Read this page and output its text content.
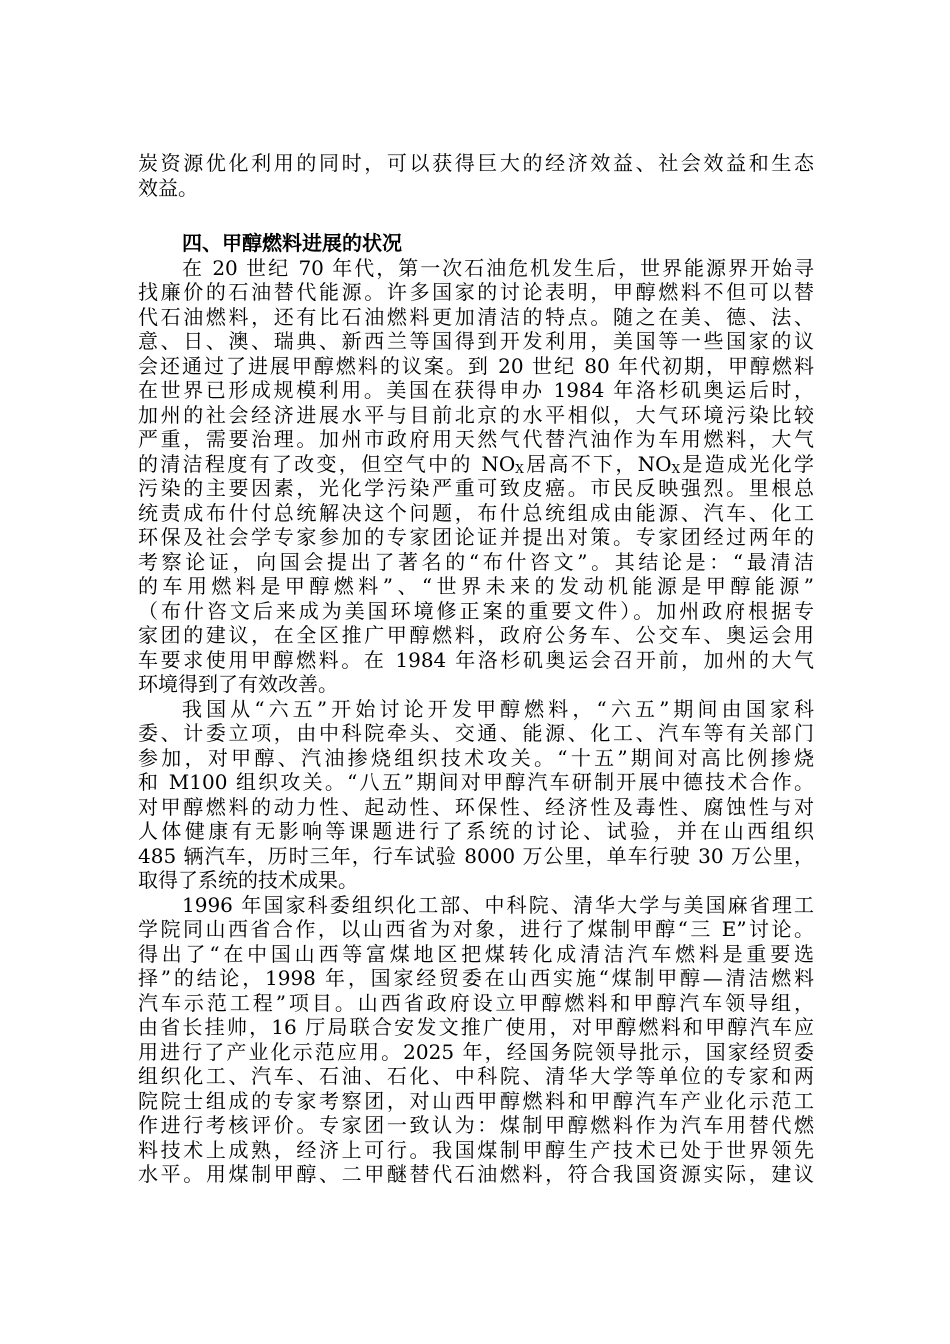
炭资源优化利用的同时，可以获得巨大的经济效益、社会效益和生态
效益。
四、甲醇燃料进展的状况
在 20 世纪 70 年代，第一次石油危机发生后，世界能源界开始寻
找廉价的石油替代能源。许多国家的讨论表明，甲醇燃料不但可以替
代石油燃料，还有比石油燃料更加清洁的特点。随之在美、德、法、
意、日、澳、瑞典、新西兰等国得到开发利用，美国等一些国家的议
会还通过了进展甲醇燃料的议案。到 20 世纪 80 年代初期，甲醇燃料
在世界已形成规模利用。美国在获得申办 1984 年洛杉矶奥运后时，
加州的社会经济进展水平与目前北京的水平相似，大气环境污染比较
严重，需要治理。加州市政府用天然气代替汽油作为车用燃料，大气
的清洁程度有了改变，但空气中的 $NO_X$居高不下，$NO_X$是造成光化学
污染的主要因素，光化学污染严重可致皮癌。市民反映强烈。里根总
统责成布什付总统解决这个问题，布什总统组成由能源、汽车、化工
环保及社会学专家参加的专家团论证并提出对策。专家团经过两年的
考察论证，向国会提出了著名的“布什咨文”。其结论是：“最清洁
的车用燃料是甲醇燃料”、“世界未来的发动机能源是甲醇能源”
（布什咨文后来成为美国环境修正案的重要文件）。加州政府根据专
家团的建议，在全区推广甲醇燃料，政府公务车、公交车、奥运会用
车要求使用甲醇燃料。在 1984 年洛杉矶奥运会召开前，加州的大气
环境得到了有效改善。
我国从“六五”开始讨论开发甲醇燃料，“六五”期间由国家科
委、计委立项，由中科院牵头、交通、能源、化工、汽车等有关部门
参加，对甲醇、汽油掺烧组织技术攻关。“十五”期间对高比例掺烧
和 M100 组织攻关。“八五”期间对甲醇汽车研制开展中德技术合作。
对甲醇燃料的动力性、起动性、环保性、经济性及毒性、腐蚀性与对
人体健康有无影响等课题进行了系统的讨论、试验，并在山西组织
485 辆汽车，历时三年，行车试验 8000 万公里，单车行驶 30 万公里，
取得了系统的技术成果。
1996 年国家科委组织化工部、中科院、清华大学与美国麻省理工
学院同山西省合作，以山西省为对象，进行了煤制甲醇“三 E”讨论。
得出了“在中国山西等富煤地区把煤转化成清洁汽车燃料是重要选
择”的结论，1998 年，国家经贸委在山西实施“煤制甲醇—清洁燃料
汽车示范工程”项目。山西省政府设立甲醇燃料和甲醇汽车领导组，
由省长挂帅，16 厅局联合安发文推广使用，对甲醇燃料和甲醇汽车应
用进行了产业化示范应用。2025 年，经国务院领导批示，国家经贸委
组织化工、汽车、石油、石化、中科院、清华大学等单位的专家和两
院院士组成的专家考察团，对山西甲醇燃料和甲醇汽车产业化示范工
作进行考核评价。专家团一致认为：煤制甲醇燃料作为汽车用替代燃
料技术上成熟，经济上可行。我国煤制甲醇生产技术已处于世界领先
水平。用煤制甲醇、二甲醚替代石油燃料，符合我国资源实际，建议
